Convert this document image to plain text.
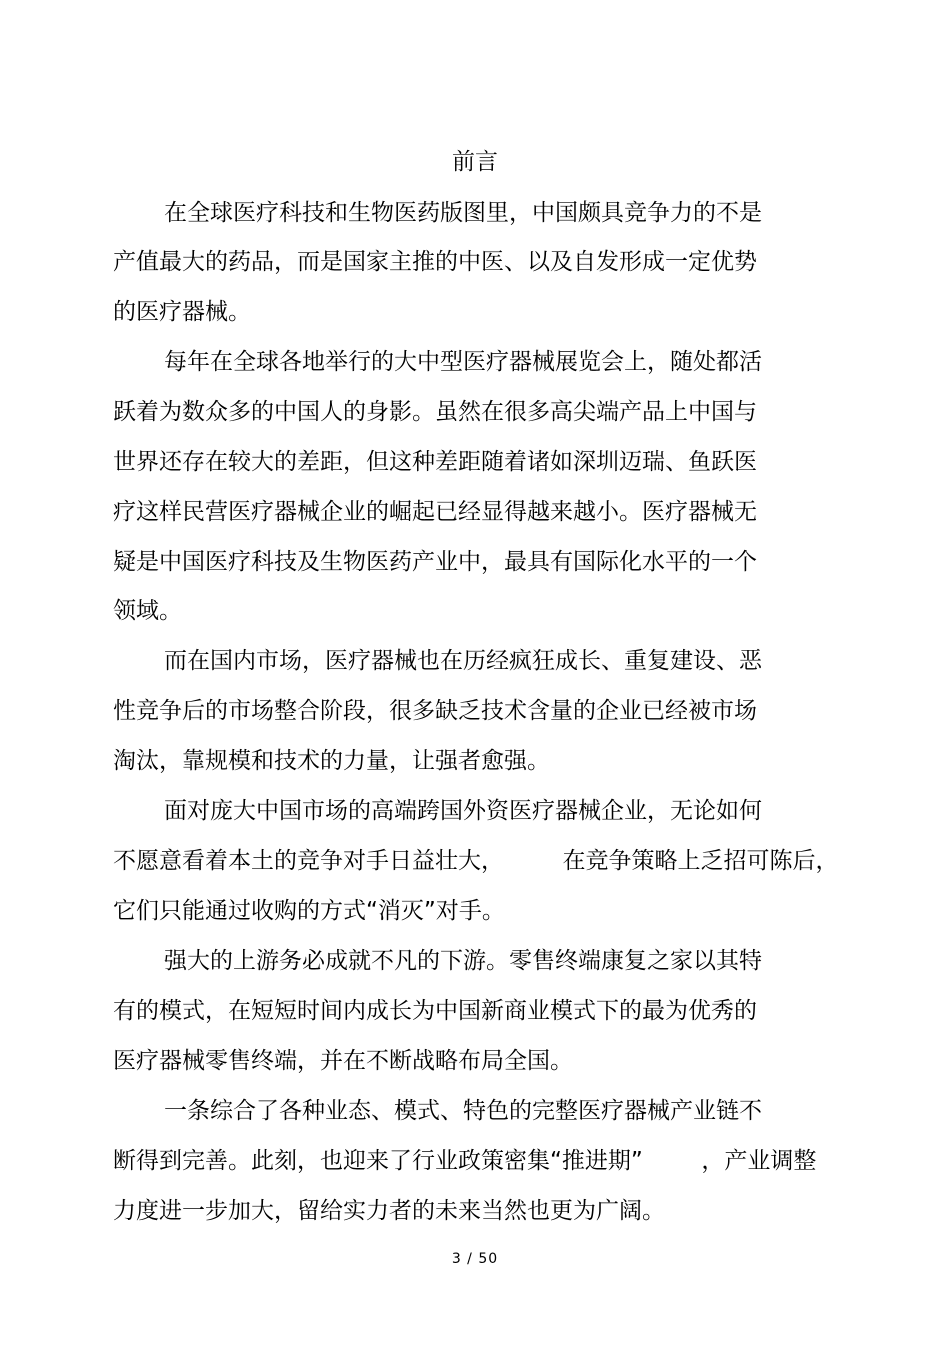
前言
在全球医疗科技和生物医药版图里，中国颇具竞争力的不是
产值最大的药品，而是国家主推的中医、以及自发形成一定优势
的医疗器械。
每年在全球各地举行的大中型医疗器械展览会上，随处都活
跃着为数众多的中国人的身影。虽然在很多高尖端产品上中国与
世界还存在较大的差距，但这种差距随着诸如深圳迈瑞、鱼跃医
疗这样民营医疗器械企业的崛起已经显得越来越小。医疗器械无
疑是中国医疗科技及生物医药产业中，最具有国际化水平的一个
领域。
而在国内市场，医疗器械也在历经疯狂成长、重复建设、恶
性竞争后的市场整合阶段，很多缺乏技术含量的企业已经被市场
淘汰，靠规模和技术的力量，让强者愈强。
面对庞大中国市场的高端跨国外资医疗器械企业，无论如何
不愿意看着本土的竞争对手日益壮大，        在竞争策略上乏招可陈后，
它们只能通过收购的方式“消灭”对手。
强大的上游务必成就不凡的下游。零售终端康复之家以其特
有的模式，在短短时间内成长为中国新商业模式下的最为优秀的
医疗器械零售终端，并在不断战略布局全国。
一条综合了各种业态、模式、特色的完整医疗器械产业链不
断得到完善。此刻，也迎来了行业政策密集“推进期”        ，产业调整
力度进一步加大，留给实力者的未来当然也更为广阔。
3 / 50
